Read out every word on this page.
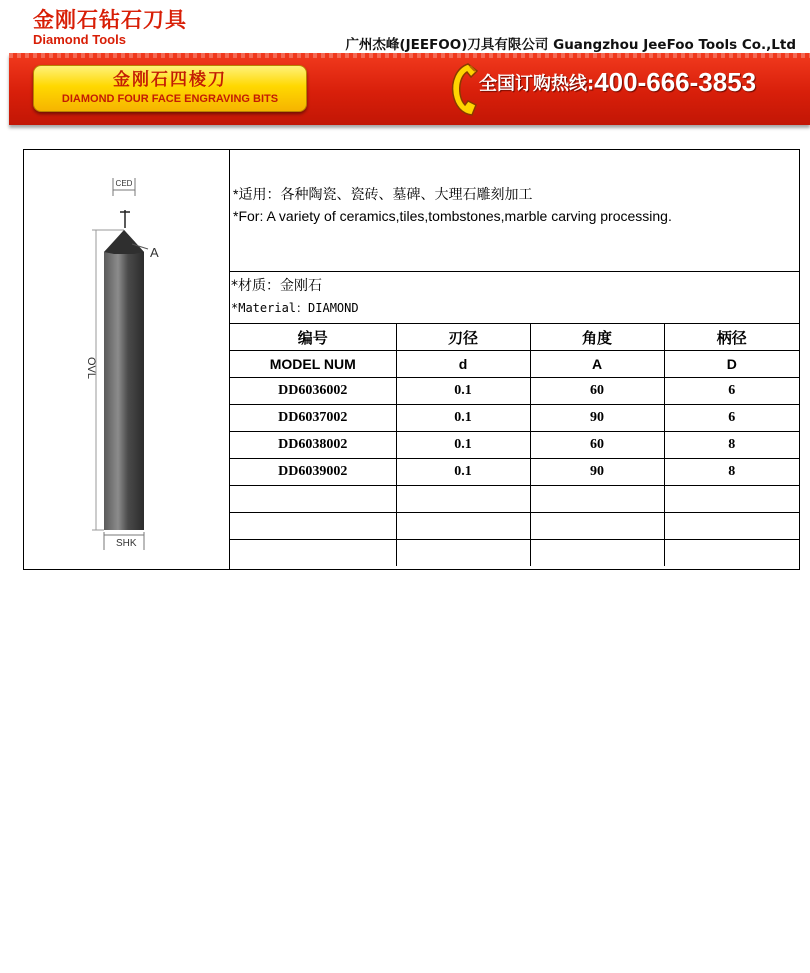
金刚石钻石刀具
Diamond Tools	广州杰峰(JEEFOO)刀具有限公司 Guangzhou JeeFoo Tools Co.,Ltd
金刚石四棱刀
DIAMOND FOUR FACE ENGRAVING BITS
全国订购热线:400-666-3853
CED
A
OVL
SHK
*适用：各种陶瓷、瓷砖、墓碑、大理石雕刻加工
*For: A variety of ceramics,tiles,tombstones,marble carving processing.
*材质：金刚石
*Material：DIAMOND
编号	刃径	角度	柄径
MODEL NUM	d	A	D
DD6036002	0.1	60	6
DD6037002	0.1	90	6
DD6038002	0.1	60	8
DD6039002	0.1	90	8
